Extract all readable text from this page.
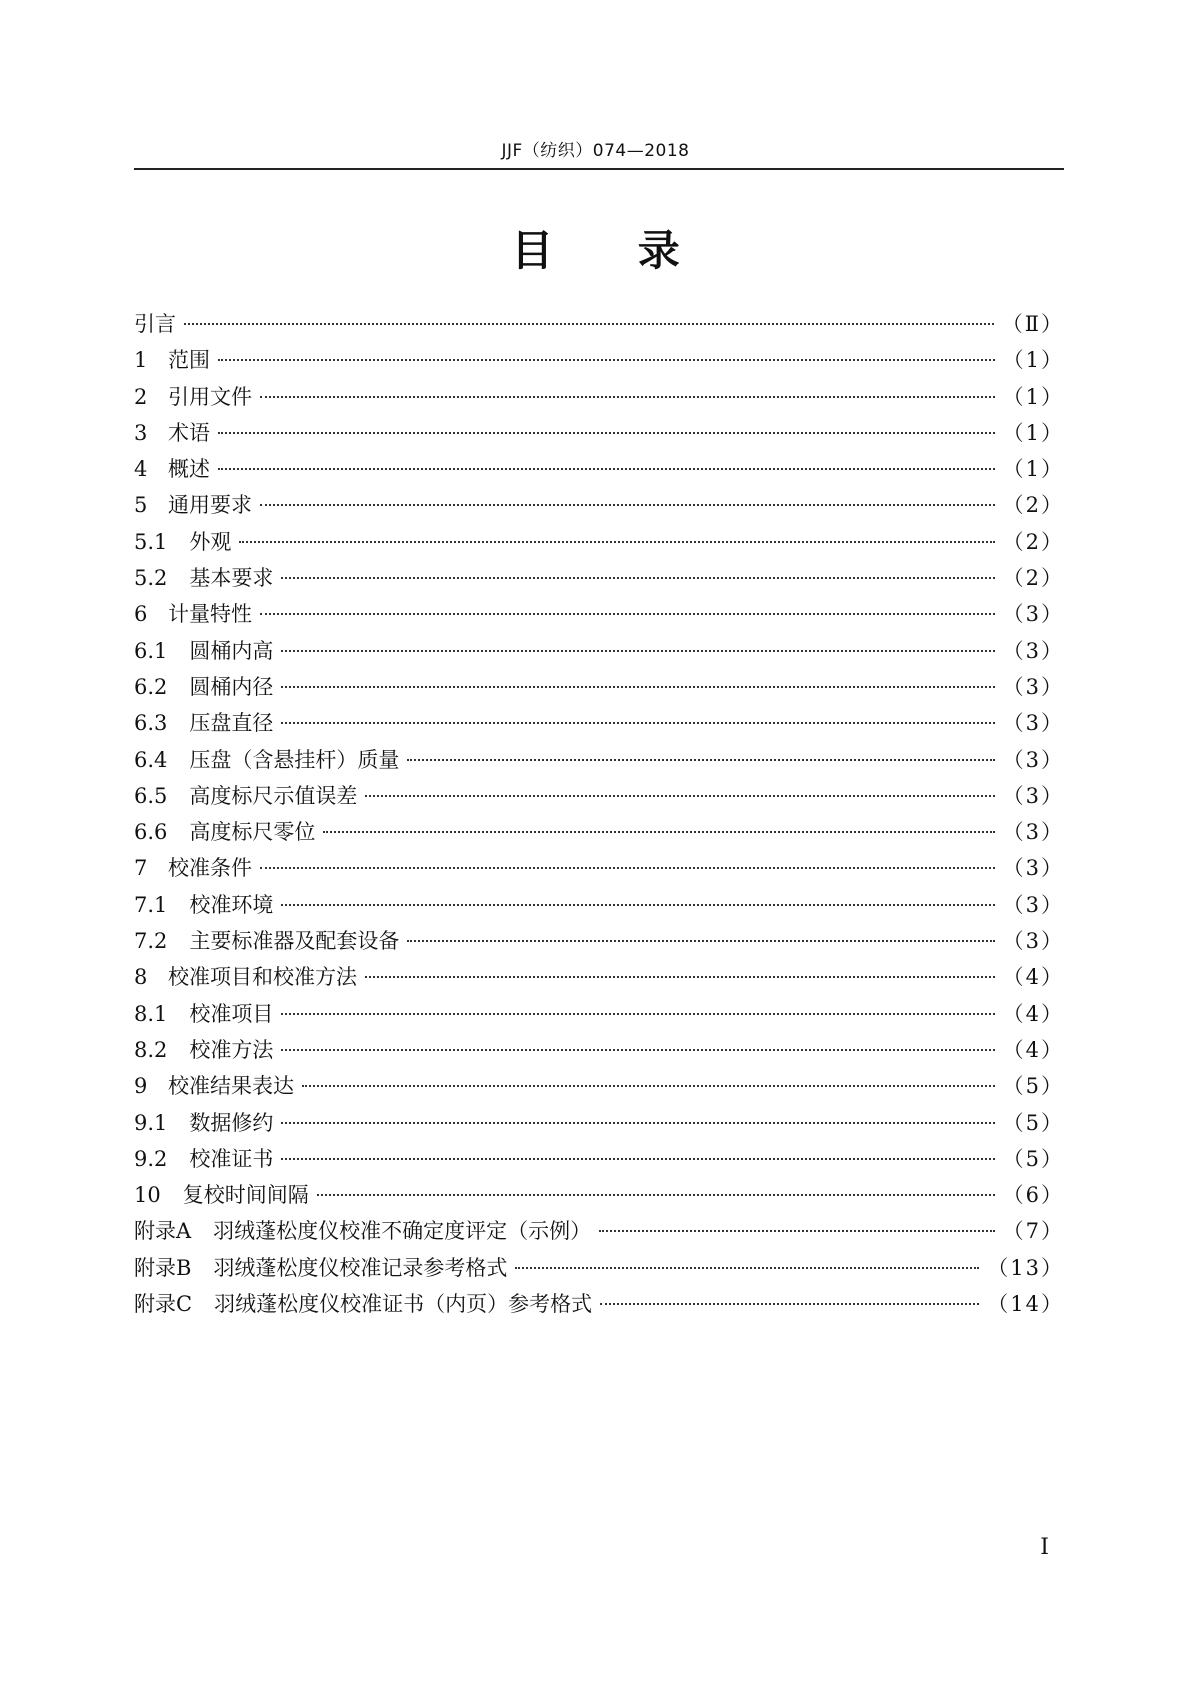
JJF（纺织）074—2018
目 录
引言	（Ⅱ）
1 范围	（1）
2 引用文件	（1）
3 术语	（1）
4 概述	（1）
5 通用要求	（2）
5.1 外观	（2）
5.2 基本要求	（2）
6 计量特性	（3）
6.1 圆桶内高	（3）
6.2 圆桶内径	（3）
6.3 压盘直径	（3）
6.4 压盘（含悬挂杆）质量	（3）
6.5 高度标尺示值误差	（3）
6.6 高度标尺零位	（3）
7 校准条件	（3）
7.1 校准环境	（3）
7.2 主要标准器及配套设备	（3）
8 校准项目和校准方法	（4）
8.1 校准项目	（4）
8.2 校准方法	（4）
9 校准结果表达	（5）
9.1 数据修约	（5）
9.2 校准证书	（5）
10 复校时间间隔	（6）
附录A 羽绒蓬松度仪校准不确定度评定（示例）	（7）
附录B 羽绒蓬松度仪校准记录参考格式	（13）
附录C 羽绒蓬松度仪校准证书（内页）参考格式	（14）
Ⅰ
